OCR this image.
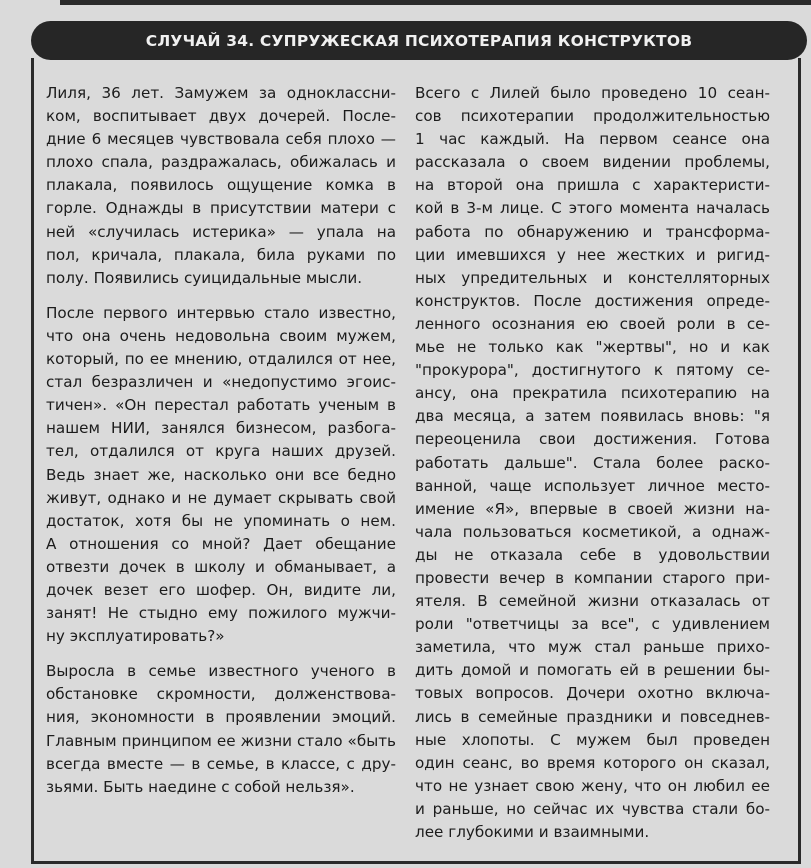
СЛУЧАЙ 34. СУПРУЖЕСКАЯ ПСИХОТЕРАПИЯ КОНСТРУКТОВ
Лиля, 36 лет. Замужем за одноклассни-
ком, воспитывает двух дочерей. После-
дние 6 месяцев чувствовала себя плохо —
плохо спала, раздражалась, обижалась и
плакала, появилось ощущение комка в
горле. Однажды в присутствии матери с
ней «случилась истерика» — упала на
пол, кричала, плакала, била руками по
полу. Появились суицидальные мысли.
После первого интервью стало известно,
что она очень недовольна своим мужем,
который, по ее мнению, отдалился от нее,
стал безразличен и «недопустимо эгоис-
тичен». «Он перестал работать ученым в
нашем НИИ, занялся бизнесом, разбога-
тел, отдалился от круга наших друзей.
Ведь знает же, насколько они все бедно
живут, однако и не думает скрывать свой
достаток, хотя бы не упоминать о нем.
А отношения со мной? Дает обещание
отвезти дочек в школу и обманывает, а
дочек везет его шофер. Он, видите ли,
занят! Не стыдно ему пожилого мужчи-
ну эксплуатировать?»
Выросла в семье известного ученого в
обстановке скромности, долженствова-
ния, экономности в проявлении эмоций.
Главным принципом ее жизни стало «быть
всегда вместе — в семье, в классе, с дру-
зьями. Быть наедине с собой нельзя».
Всего с Лилей было проведено 10 сеан-
сов психотерапии продолжительностью
1 час каждый. На первом сеансе она
рассказала о своем видении проблемы,
на второй она пришла с характеристи-
кой в 3-м лице. С этого момента началась
работа по обнаружению и трансформа-
ции имевшихся у нее жестких и ригид-
ных упредительных и констелляторных
конструктов. После достижения опреде-
ленного осознания ею своей роли в се-
мье не только как "жертвы", но и как
"прокурора", достигнутого к пятому се-
ансу, она прекратила психотерапию на
два месяца, а затем появилась вновь: "я
переоценила свои достижения. Готова
работать дальше". Стала более раско-
ванной, чаще использует личное место-
имение «Я», впервые в своей жизни на-
чала пользоваться косметикой, а однаж-
ды не отказала себе в удовольствии
провести вечер в компании старого при-
ятеля. В семейной жизни отказалась от
роли "ответчицы за все", с удивлением
заметила, что муж стал раньше прихо-
дить домой и помогать ей в решении бы-
товых вопросов. Дочери охотно включа-
лись в семейные праздники и повседнев-
ные хлопоты. С мужем был проведен
один сеанс, во время которого он сказал,
что не узнает свою жену, что он любил ее
и раньше, но сейчас их чувства стали бо-
лее глубокими и взаимными.
